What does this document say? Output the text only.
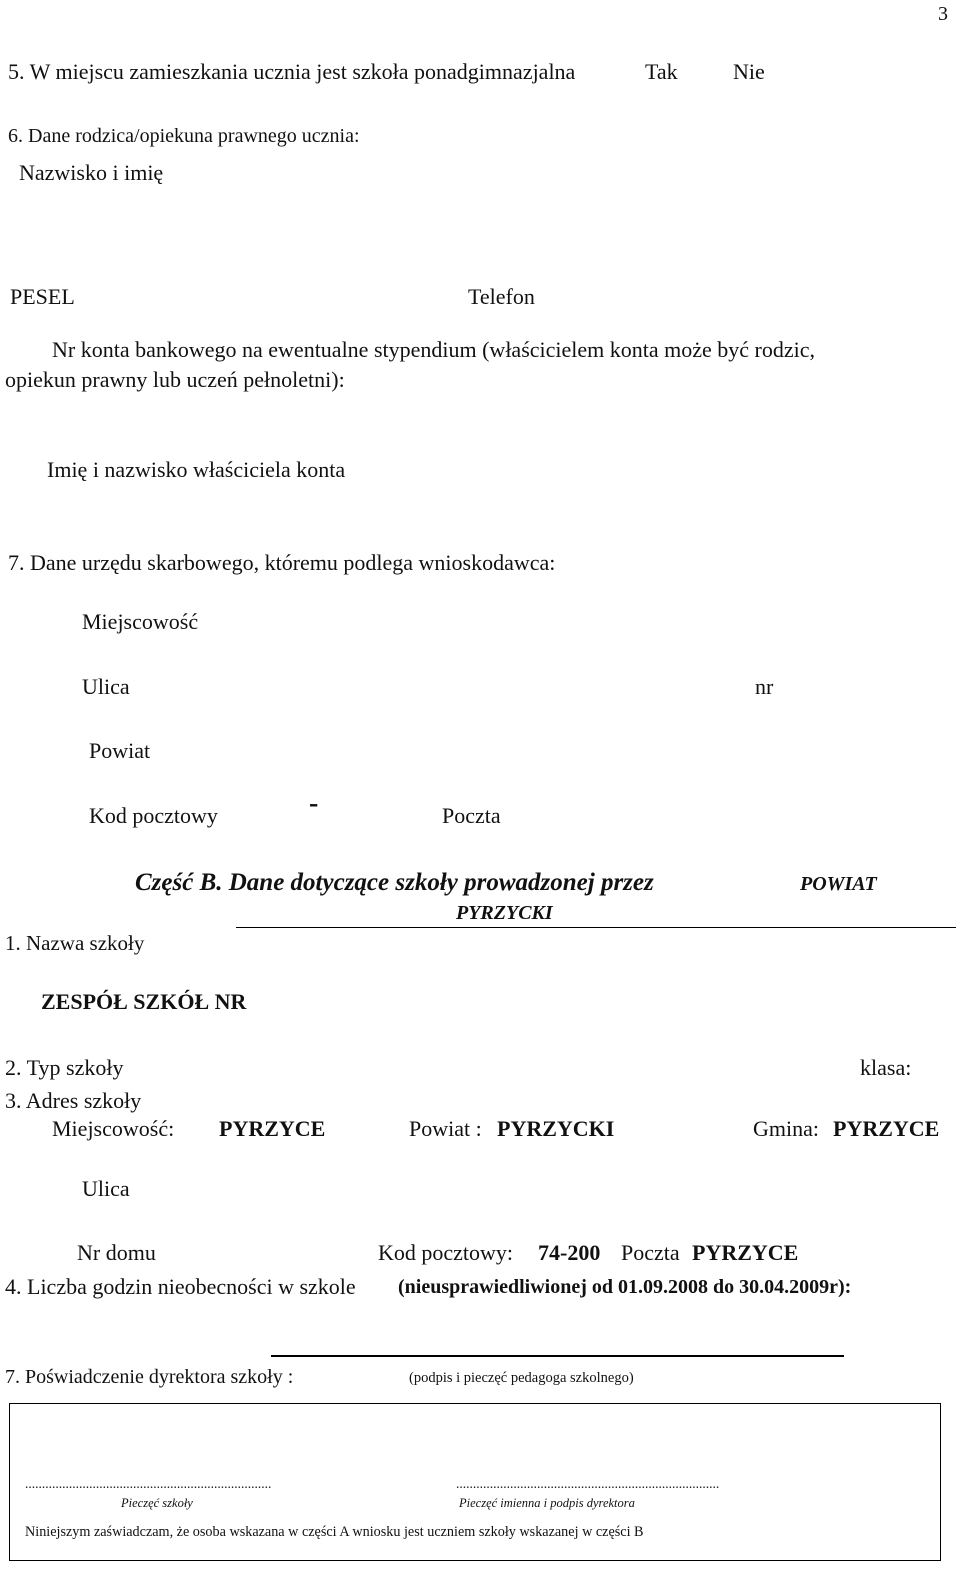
3
5. W miejscu zamieszkania ucznia jest szkoła ponadgimnazjalna	Tak	Nie
6. Dane rodzica/opiekuna prawnego ucznia:
Nazwisko i imię
PESEL	Telefon
Nr konta bankowego na ewentualne stypendium (właścicielem konta może być rodzic,
opiekun prawny lub uczeń pełnoletni):
Imię i nazwisko właściciela konta
7. Dane urzędu skarbowego, któremu podlega wnioskodawca:
Miejscowość
Ulica	nr
Powiat
Kod pocztowy	-	Poczta
Część B. Dane dotyczące szkoły prowadzonej przez	POWIAT
PYRZYCKI
1. Nazwa szkoły
ZESPÓŁ SZKÓŁ NR
2. Typ szkoły	klasa:
3. Adres szkoły
Miejscowość: PYRZYCE	Powiat : PYRZYCKI	Gmina: PYRZYCE
Ulica
Nr domu	Kod pocztowy: 74-200 Poczta PYRZYCE
4. Liczba godzin nieobecności w szkole (nieusprawiedliwionej od 01.09.2008 do 30.04.2009r):
7. Poświadczenie dyrektora szkoły :	(podpis i pieczęć pedagoga szkolnego)
.........................................................................	..............................................................................
Pieczęć szkoły	Pieczęć imienna i podpis dyrektora
Niniejszym zaświadczam, że osoba wskazana w części A wniosku jest uczniem szkoły wskazanej w części B
